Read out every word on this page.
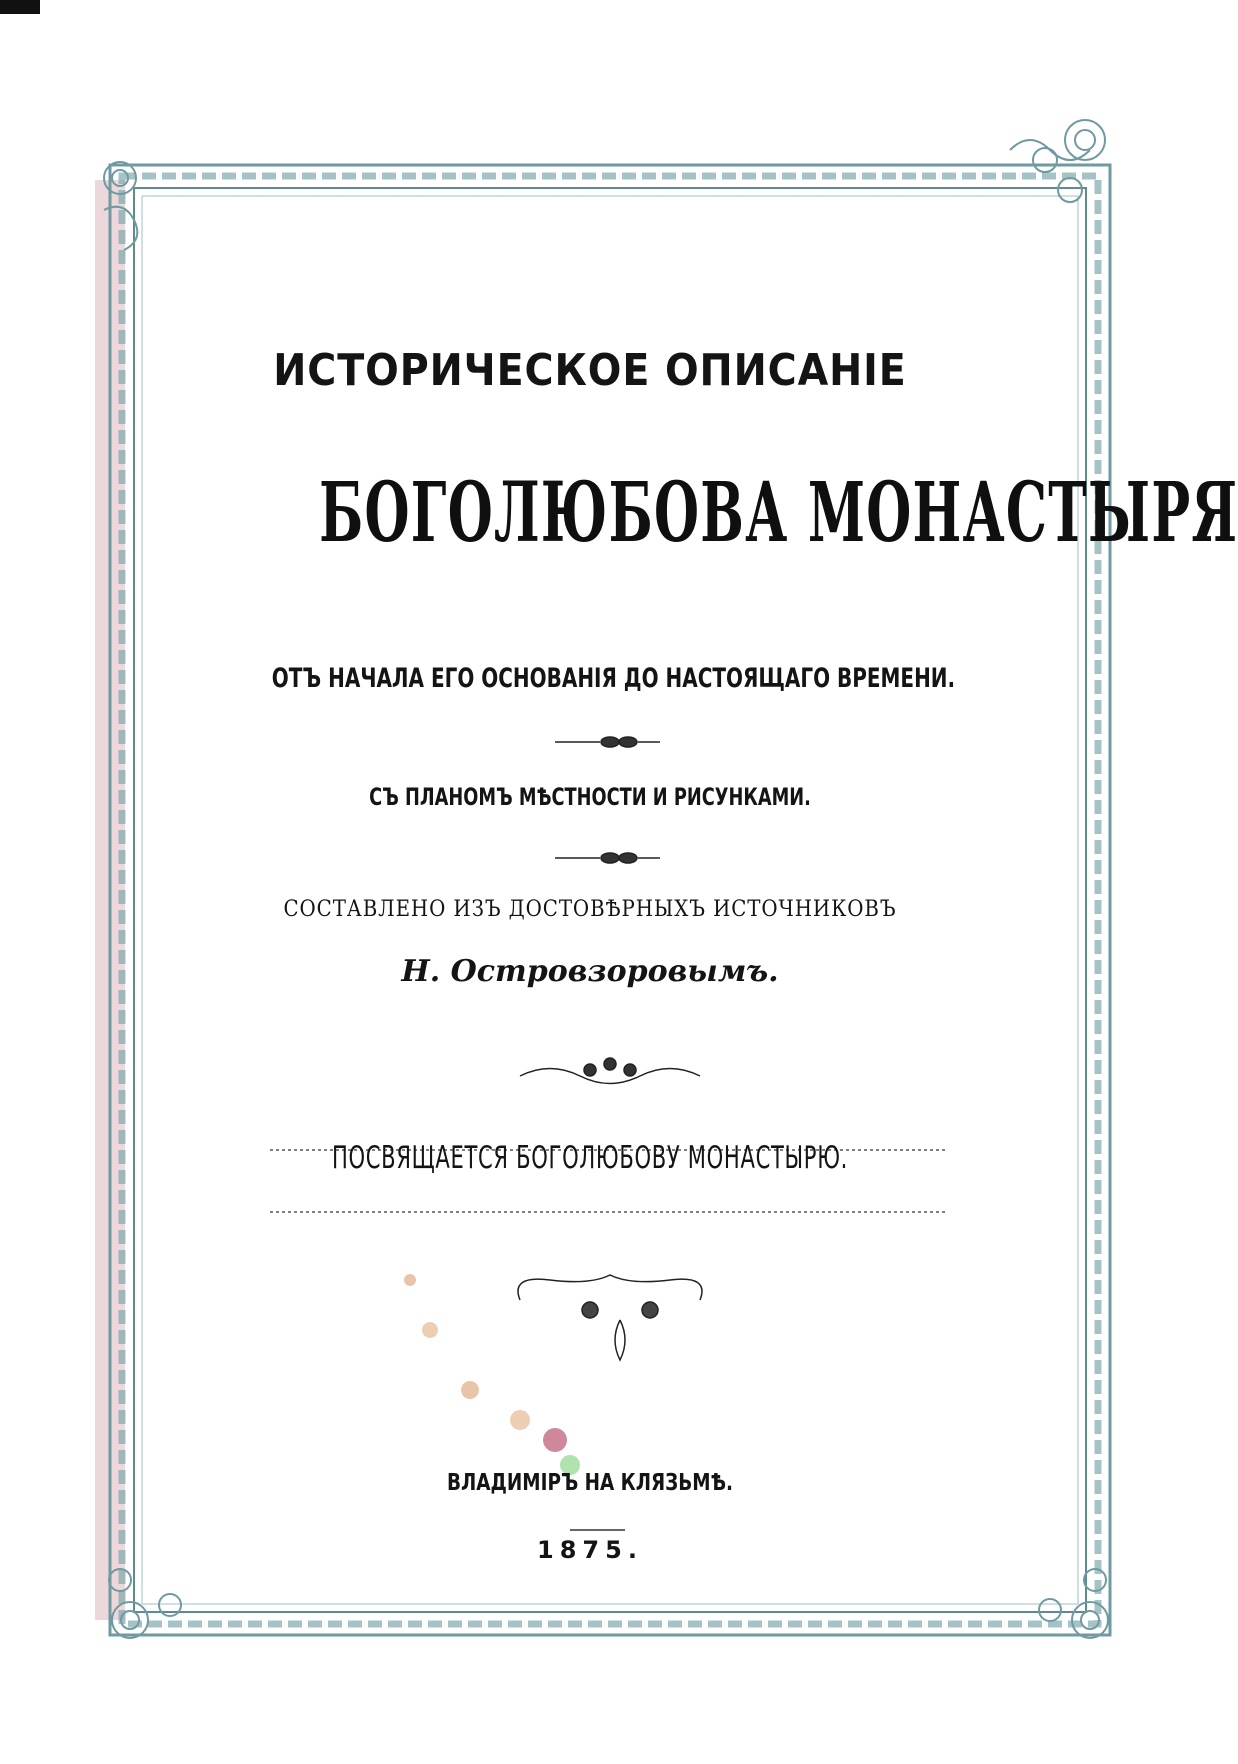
ИСТОРИЧЕСКОЕ ОПИСАНІЕ
БОГОЛЮБОВА МОНАСТЫРЯ
ОТЪ НАЧАЛА ЕГО ОСНОВАНІЯ ДО НАСТОЯЩАГО ВРЕМЕНИ.
СЪ ПЛАНОМЪ МѢСТНОСТИ И РИСУНКАМИ.
СОСТАВЛЕНО ИЗЪ ДОСТОВѢРНЫХЪ ИСТОЧНИКОВЪ
Н. Островзоровымъ.
ПОСВЯЩАЕТСЯ БОГОЛЮБОВУ МОНАСТЫРЮ.
ВЛАДИМІРЪ НА КЛЯЗЬМѢ.
1875.
